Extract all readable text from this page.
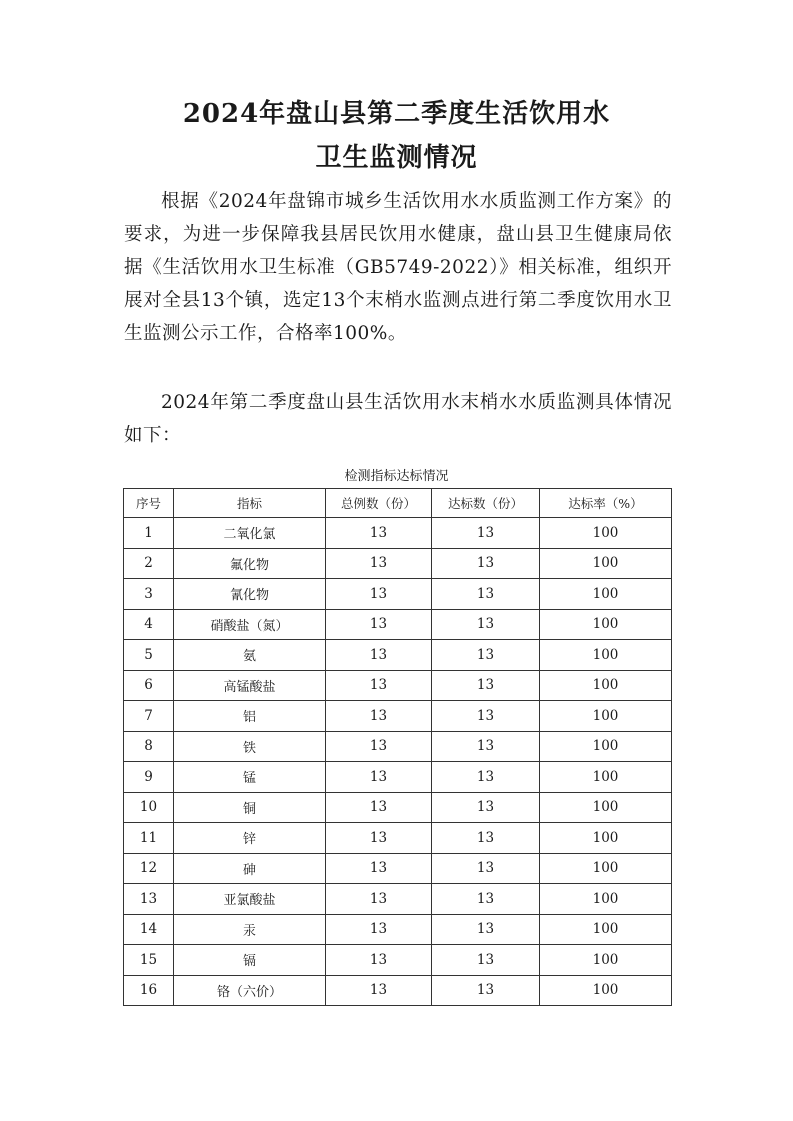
2024年盘山县第二季度生活饮用水
卫生监测情况

根据《2024年盘锦市城乡生活饮用水水质监测工作方案》的要求，为进一步保障我县居民饮用水健康，盘山县卫生健康局依据《生活饮用水卫生标准（GB5749-2022）》相关标准，组织开展对全县13个镇，选定13个末梢水监测点进行第二季度饮用水卫生监测公示工作，合格率100%。

2024年第二季度盘山县生活饮用水末梢水水质监测具体情况如下：

检测指标达标情况
序号	指标	总例数（份）	达标数（份）	达标率（%）
1	二氧化氯	13	13	100
2	氟化物	13	13	100
3	氰化物	13	13	100
4	硝酸盐（氮）	13	13	100
5	氨	13	13	100
6	高锰酸盐	13	13	100
7	铝	13	13	100
8	铁	13	13	100
9	锰	13	13	100
10	铜	13	13	100
11	锌	13	13	100
12	砷	13	13	100
13	亚氯酸盐	13	13	100
14	汞	13	13	100
15	镉	13	13	100
16	铬（六价）	13	13	100
